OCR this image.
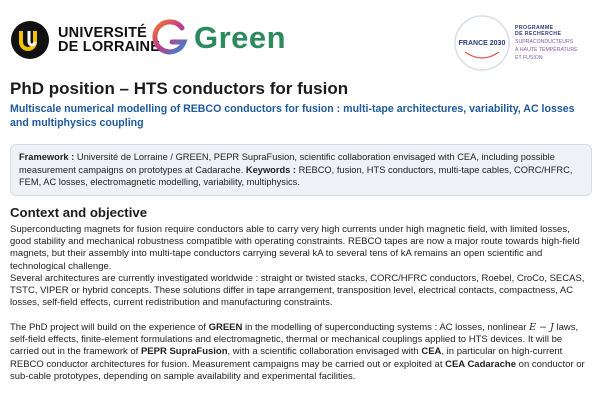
UNIVERSITÉ
DE LORRAINE Green	FRANCE 2030
PROGRAMME
DE RECHERCHE
SUPRACONDUCTEURS
À HAUTE TEMPÉRATURE
ET FUSION
PhD position – HTS conductors for fusion

Multiscale numerical modelling of REBCO conductors for fusion : multi-tape architectures, variability, AC losses and multiphysics coupling

Framework : Université de Lorraine / GREEN, PEPR SupraFusion, scientific collaboration envisaged with CEA, including possible measurement campaigns on prototypes at Cadarache. Keywords : REBCO, fusion, HTS conductors, multi-tape cables, CORC/HFRC, FEM, AC losses, electromagnetic modelling, variability, multiphysics.
Context and objective

Superconducting magnets for fusion require conductors able to carry very high currents under high magnetic field, with limited losses, good stability and mechanical robustness compatible with operating constraints. REBCO tapes are now a major route towards high-field magnets, but their assembly into multi-tape conductors carrying several kA to several tens of kA remains an open scientific and technological challenge.

Several architectures are currently investigated worldwide : straight or twisted stacks, CORC/HFRC conductors, Roebel, CroCo, SECAS, TSTC, VIPER or hybrid concepts. These solutions differ in tape arrangement, transposition level, electrical contacts, compactness, AC losses, self-field effects, current redistribution and manufacturing constraints.

The PhD project will build on the experience of GREEN in the modelling of superconducting systems : AC losses, nonlinear E − J laws, self-field effects, finite-element formulations and electromagnetic, thermal or mechanical couplings applied to HTS devices. It will be carried out in the framework of PEPR SupraFusion, with a scientific collaboration envisaged with CEA, in particular on high-current REBCO conductor architectures for fusion. Measurement campaigns may be carried out or exploited at CEA Cadarache on conductor or sub-cable prototypes, depending on sample availability and experimental facilities.
